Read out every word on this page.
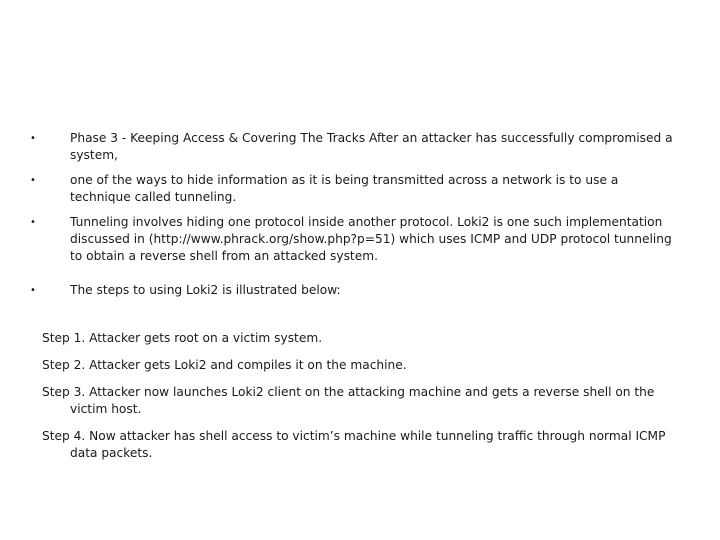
•	Phase 3 - Keeping Access & Covering The Tracks After an attacker has successfully compromised a system,
•	one of the ways to hide information as it is being transmitted across a network is to use a technique called tunneling.
•	Tunneling involves hiding one protocol inside another protocol. Loki2 is one such implementation discussed in (http://www.phrack.org/show.php?p=51) which uses ICMP and UDP protocol tunneling to obtain a reverse shell from an attacked system.
•	The steps to using Loki2 is illustrated below:
Step 1. Attacker gets root on a victim system.
Step 2. Attacker gets Loki2 and compiles it on the machine.
Step 3. Attacker now launches Loki2 client on the attacking machine and gets a reverse shell on the victim host.
Step 4. Now attacker has shell access to victim’s machine while tunneling traffic through normal ICMP data packets.
